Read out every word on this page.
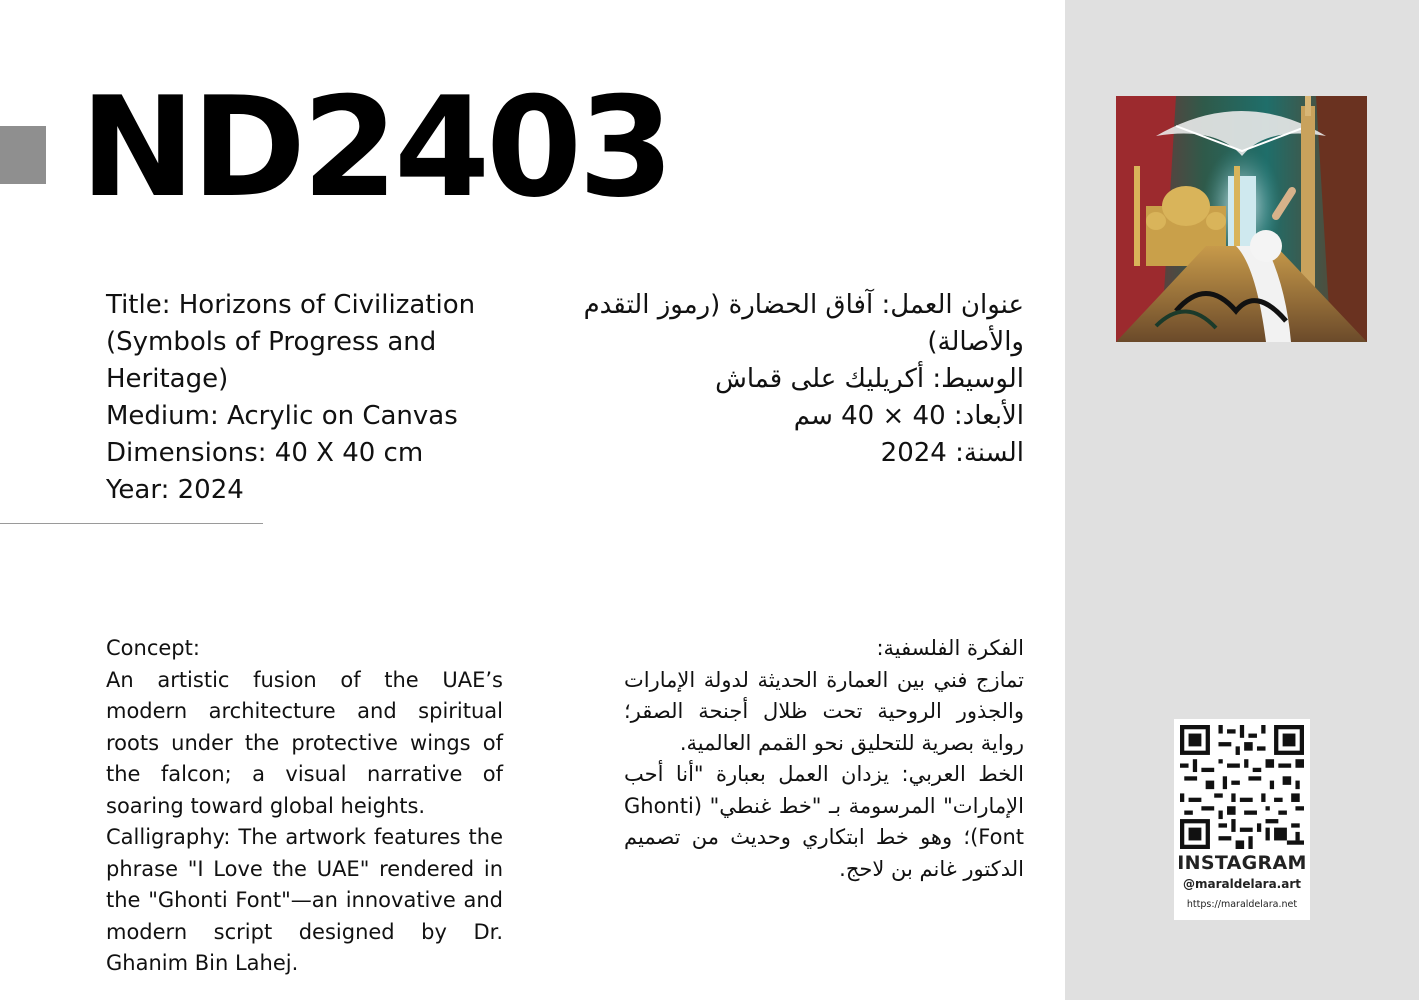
ND2403
Title: Horizons of Civilization (Symbols of Progress and Heritage)
Medium: Acrylic on Canvas
Dimensions: 40 X 40 cm
Year: 2024
عنوان العمل: آفاق الحضارة (رموز التقدم والأصالة)
الوسيط: أكريليك على قماش
الأبعاد: 40 × 40 سم
السنة: 2024

Concept:

An artistic fusion of the UAE’s modern architecture and spiritual roots under the protective wings of the falcon; a visual narrative of soaring toward global heights.

Calligraphy: The artwork features the phrase "I Love the UAE" rendered in the "Ghonti Font"—an innovative and modern script designed by Dr. Ghanim Bin Lahej.

الفكرة الفلسفية:

تمازج فني بين العمارة الحديثة لدولة الإمارات والجذور الروحية تحت ظلال أجنحة الصقر؛ رواية بصرية للتحليق نحو القمم العالمية.

الخط العربي: يزدان العمل بعبارة "أنا أحب الإمارات" المرسومة بـ "خط غنطي" (Ghonti Font)؛ وهو خط ابتكاري وحديث من تصميم الدكتور غانم بن لاحج.	INSTAGRAM
@maraldelara.art
https://maraldelara.net
